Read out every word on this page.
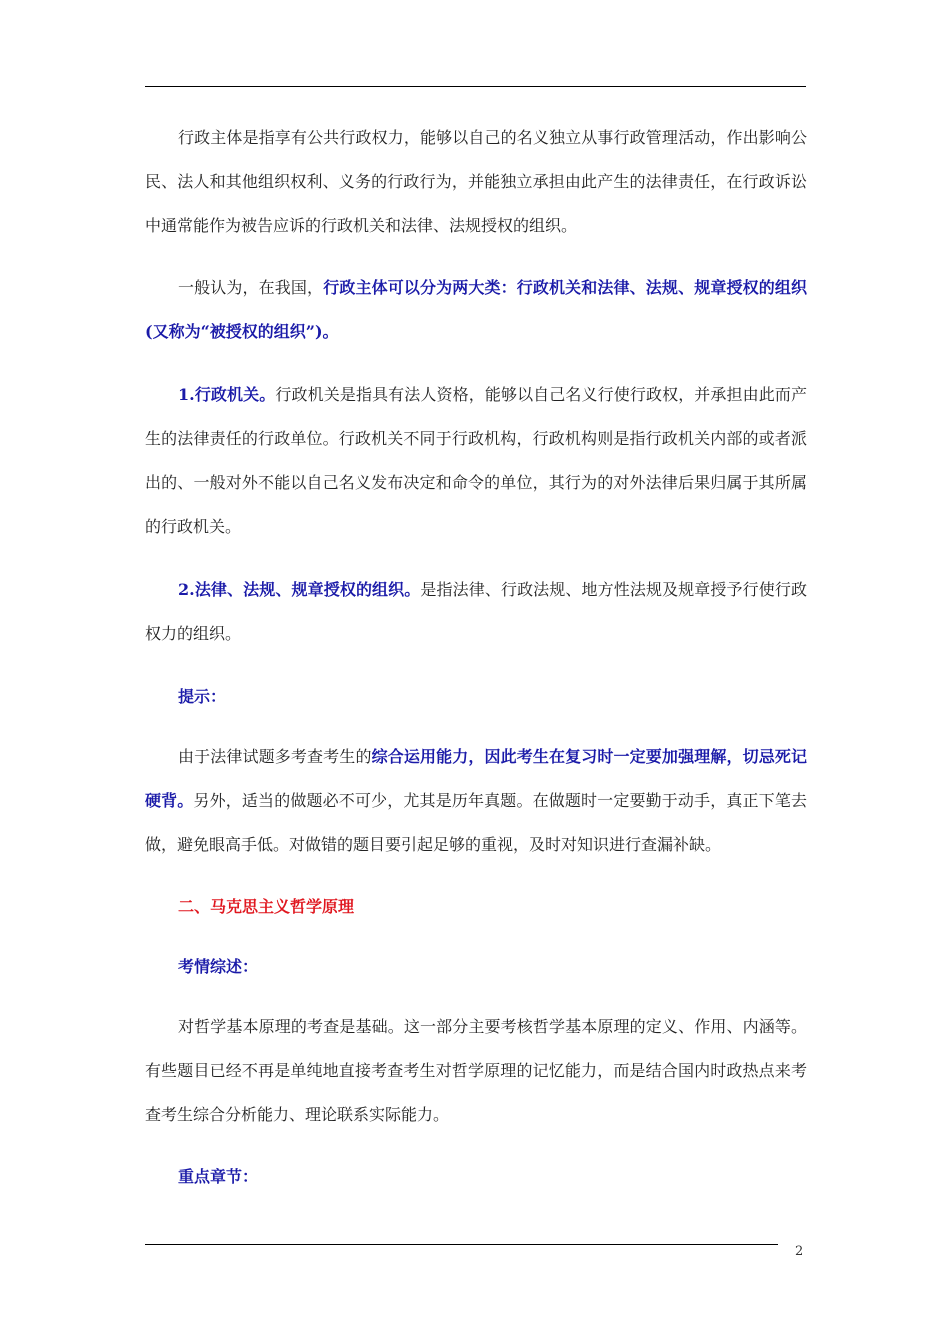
行政主体是指享有公共行政权力，能够以自己的名义独立从事行政管理活动，作出影响公民、法人和其他组织权利、义务的行政行为，并能独立承担由此产生的法律责任，在行政诉讼中通常能作为被告应诉的行政机关和法律、法规授权的组织。

一般认为，在我国，行政主体可以分为两大类：行政机关和法律、法规、规章授权的组织(又称为“被授权的组织”)。

1.行政机关。行政机关是指具有法人资格，能够以自己名义行使行政权，并承担由此而产生的法律责任的行政单位。行政机关不同于行政机构，行政机构则是指行政机关内部的或者派出的、一般对外不能以自己名义发布决定和命令的单位，其行为的对外法律后果归属于其所属的行政机关。

2.法律、法规、规章授权的组织。是指法律、行政法规、地方性法规及规章授予行使行政权力的组织。

提示：

由于法律试题多考查考生的综合运用能力，因此考生在复习时一定要加强理解，切忌死记硬背。另外，适当的做题必不可少，尤其是历年真题。在做题时一定要勤于动手，真正下笔去做，避免眼高手低。对做错的题目要引起足够的重视，及时对知识进行查漏补缺。

二、马克思主义哲学原理

考情综述：

对哲学基本原理的考查是基础。这一部分主要考核哲学基本原理的定义、作用、内涵等。有些题目已经不再是单纯地直接考查考生对哲学原理的记忆能力，而是结合国内时政热点来考查考生综合分析能力、理论联系实际能力。

重点章节：

2
